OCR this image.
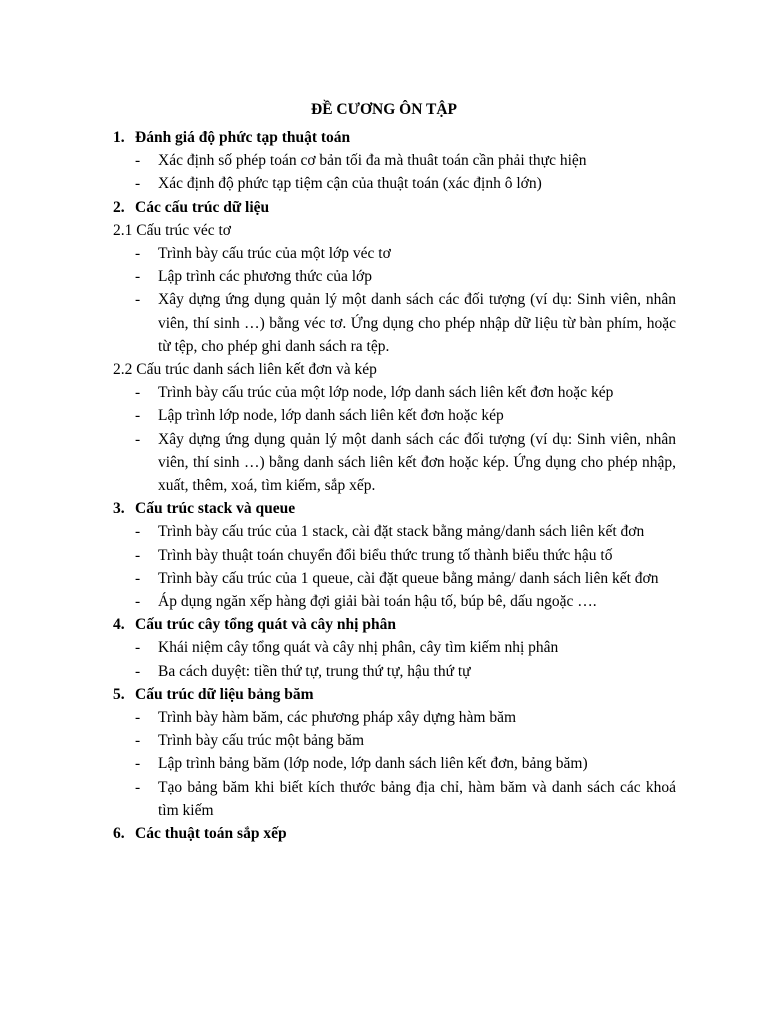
ĐỀ CƯƠNG ÔN TẬP
1. Đánh giá độ phức tạp thuật toán
-	Xác định số phép toán cơ bản tối đa mà thuât toán cần phải thực hiện
-	Xác định độ phức tạp tiệm cận của thuật toán (xác định ô lớn)
2. Các cấu trúc dữ liệu
2.1 Cấu trúc véc tơ
-	Trình bày cấu trúc của một lớp véc tơ
-	Lập trình các phương thức của lớp
-	Xây dựng ứng dụng quản lý một danh sách các đối tượng (ví dụ: Sinh viên, nhân viên, thí sinh …) bằng véc tơ. Ứng dụng cho phép nhập dữ liệu từ bàn phím, hoặc từ tệp, cho phép ghi danh sách ra tệp.
2.2 Cấu trúc danh sách liên kết đơn và kép
-	Trình bày cấu trúc của một lớp node, lớp danh sách liên kết đơn hoặc kép
-	Lập trình lớp node, lớp danh sách liên kết đơn hoặc kép
-	Xây dựng ứng dụng quản lý một danh sách các đối tượng (ví dụ: Sinh viên, nhân viên, thí sinh …) bằng danh sách liên kết đơn hoặc kép. Ứng dụng cho phép nhập, xuất, thêm, xoá, tìm kiếm, sắp xếp.
3. Cấu trúc stack và queue
-	Trình bày cấu trúc của 1 stack, cài đặt stack bằng mảng/danh sách liên kết đơn
-	Trình bày thuật toán chuyển đổi biểu thức trung tố thành biểu thức hậu tố
-	Trình bày cấu trúc của 1 queue, cài đặt queue bằng mảng/ danh sách liên kết đơn
-	Áp dụng ngăn xếp hàng đợi giải bài toán hậu tố, búp bê, dấu ngoặc ….
4. Cấu trúc cây tổng quát và cây nhị phân
-	Khái niệm cây tổng quát và cây nhị phân, cây tìm kiếm nhị phân
-	Ba cách duyệt: tiền thứ tự, trung thứ tự, hậu thứ tự
5. Cấu trúc dữ liệu bảng băm
-	Trình bày hàm băm, các phương pháp xây dựng hàm băm
-	Trình bày cấu trúc một bảng băm
-	Lập trình bảng băm (lớp node, lớp danh sách liên kết đơn, bảng băm)
-	Tạo bảng băm khi biết kích thước bảng địa chỉ, hàm băm và danh sách các khoá tìm kiếm
6. Các thuật toán sắp xếp
